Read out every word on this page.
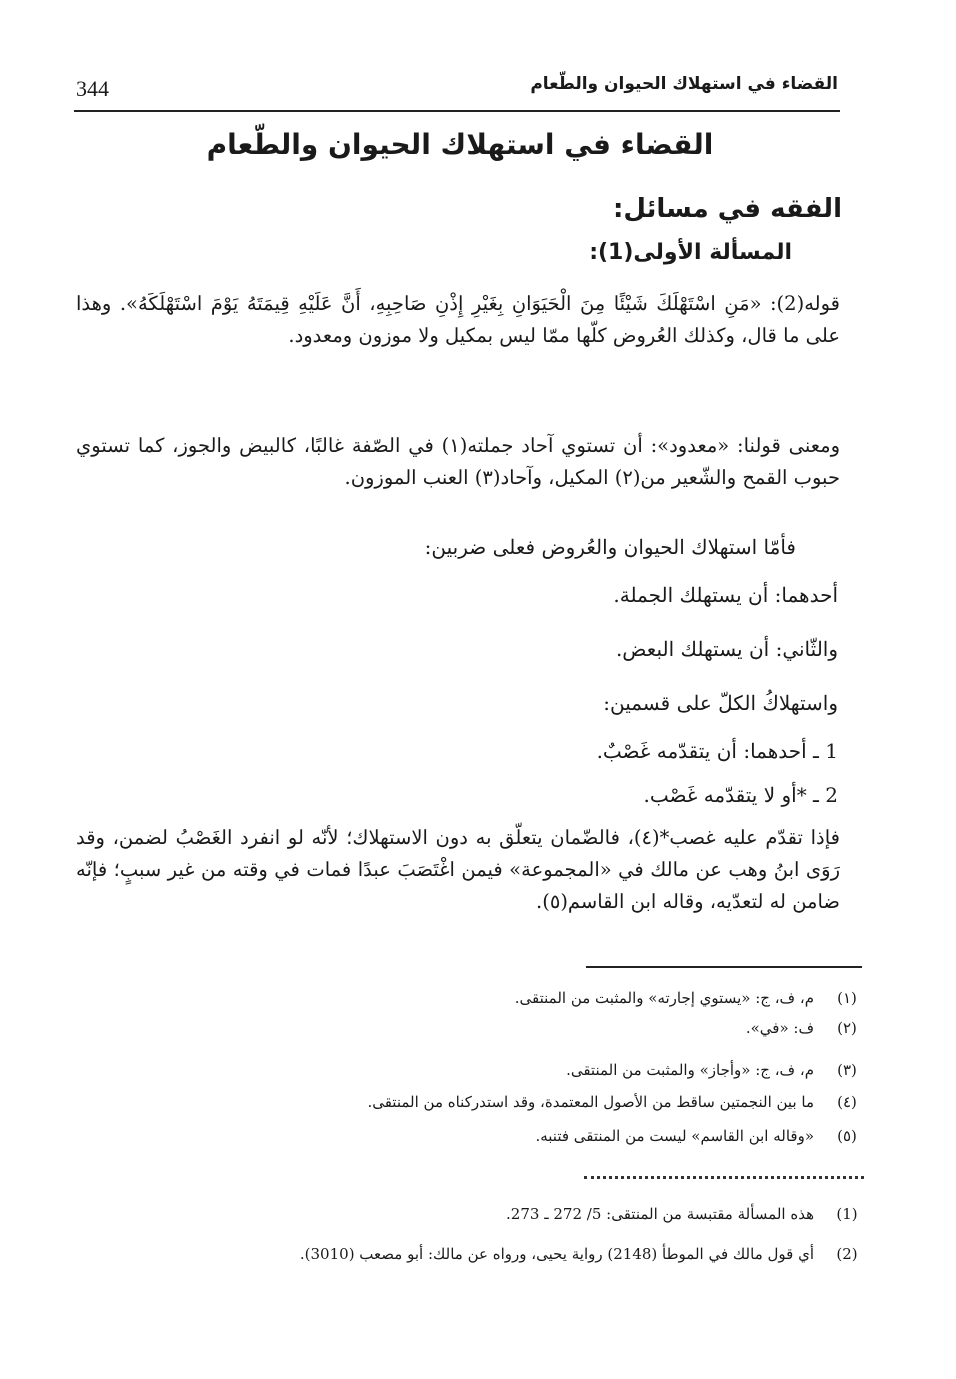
القضاء في استهلاك الحيوان والطّعام
344
القضاء في استهلاك الحيوان والطّعام
الفقه في مسائل:
المسألة الأولى(1):
قوله(2): «مَنِ اسْتَهْلَكَ شَيْئًا مِنَ الْحَيَوَانِ بِغَيْرِ إِذْنِ صَاحِبِهِ، أَنَّ عَلَيْهِ قِيمَتَهُ يَوْمَ اسْتَهْلَكَهُ». وهذا على ما قال، وكذلك العُروض كلّها ممّا ليس بمكيل ولا موزون ومعدود.
ومعنى قولنا: «معدود»: أن تستوي آحاد جملته(١) في الصّفة غالبًا، كالبيض والجوز، كما تستوي حبوب القمح والشّعير من(٢) المكيل، وآحاد(٣) العنب الموزون.
فأمّا استهلاك الحيوان والعُروض فعلى ضربين:
أحدهما: أن يستهلك الجملة.
والثّاني: أن يستهلك البعض.
واستهلاكُ الكلّ على قسمين:
1 ـ أحدهما: أن يتقدّمه غَصْبٌ.
2 ـ *أو لا يتقدّمه غَصْب.
فإذا تقدّم عليه غصب*(٤)، فالضّمان يتعلّق به دون الاستهلاك؛ لأنّه لو انفرد الغَصْبُ لضمن، وقد رَوَى ابنُ وهب عن مالك في «المجموعة» فيمن اغْتَصَبَ عبدًا فمات في وقته من غير سببٍ؛ فإنّه ضامن له لتعدّيه، وقاله ابن القاسم(٥).
(١)
م، ف، ج: «يستوي إجارته» والمثبت من المنتقى.
(٢)
ف: «في».
(٣)
م، ف، ج: «وأجاز» والمثبت من المنتقى.
(٤)
ما بين النجمتين ساقط من الأصول المعتمدة، وقد استدركناه من المنتقى.
(٥)
«وقاله ابن القاسم» ليست من المنتقى فتنبه.
(1)
هذه المسألة مقتبسة من المنتقى: 5/ 272 ـ 273.
(2)
أي قول مالك في الموطأ (2148) رواية يحيى، ورواه عن مالك: أبو مصعب (3010).
